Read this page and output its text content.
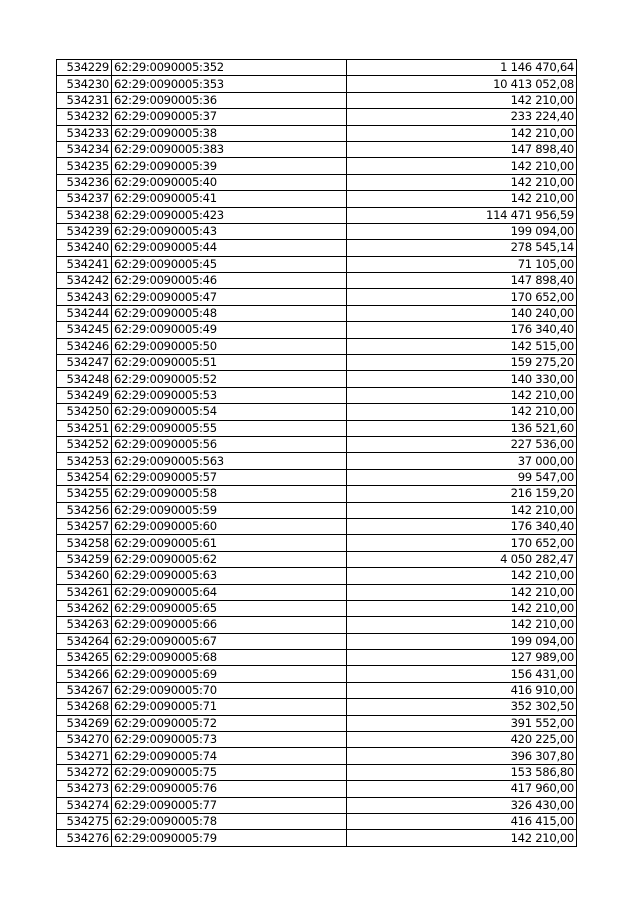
534229	62:29:0090005:352	1 146 470,64
534230	62:29:0090005:353	10 413 052,08
534231	62:29:0090005:36	142 210,00
534232	62:29:0090005:37	233 224,40
534233	62:29:0090005:38	142 210,00
534234	62:29:0090005:383	147 898,40
534235	62:29:0090005:39	142 210,00
534236	62:29:0090005:40	142 210,00
534237	62:29:0090005:41	142 210,00
534238	62:29:0090005:423	114 471 956,59
534239	62:29:0090005:43	199 094,00
534240	62:29:0090005:44	278 545,14
534241	62:29:0090005:45	71 105,00
534242	62:29:0090005:46	147 898,40
534243	62:29:0090005:47	170 652,00
534244	62:29:0090005:48	140 240,00
534245	62:29:0090005:49	176 340,40
534246	62:29:0090005:50	142 515,00
534247	62:29:0090005:51	159 275,20
534248	62:29:0090005:52	140 330,00
534249	62:29:0090005:53	142 210,00
534250	62:29:0090005:54	142 210,00
534251	62:29:0090005:55	136 521,60
534252	62:29:0090005:56	227 536,00
534253	62:29:0090005:563	37 000,00
534254	62:29:0090005:57	99 547,00
534255	62:29:0090005:58	216 159,20
534256	62:29:0090005:59	142 210,00
534257	62:29:0090005:60	176 340,40
534258	62:29:0090005:61	170 652,00
534259	62:29:0090005:62	4 050 282,47
534260	62:29:0090005:63	142 210,00
534261	62:29:0090005:64	142 210,00
534262	62:29:0090005:65	142 210,00
534263	62:29:0090005:66	142 210,00
534264	62:29:0090005:67	199 094,00
534265	62:29:0090005:68	127 989,00
534266	62:29:0090005:69	156 431,00
534267	62:29:0090005:70	416 910,00
534268	62:29:0090005:71	352 302,50
534269	62:29:0090005:72	391 552,00
534270	62:29:0090005:73	420 225,00
534271	62:29:0090005:74	396 307,80
534272	62:29:0090005:75	153 586,80
534273	62:29:0090005:76	417 960,00
534274	62:29:0090005:77	326 430,00
534275	62:29:0090005:78	416 415,00
534276	62:29:0090005:79	142 210,00
